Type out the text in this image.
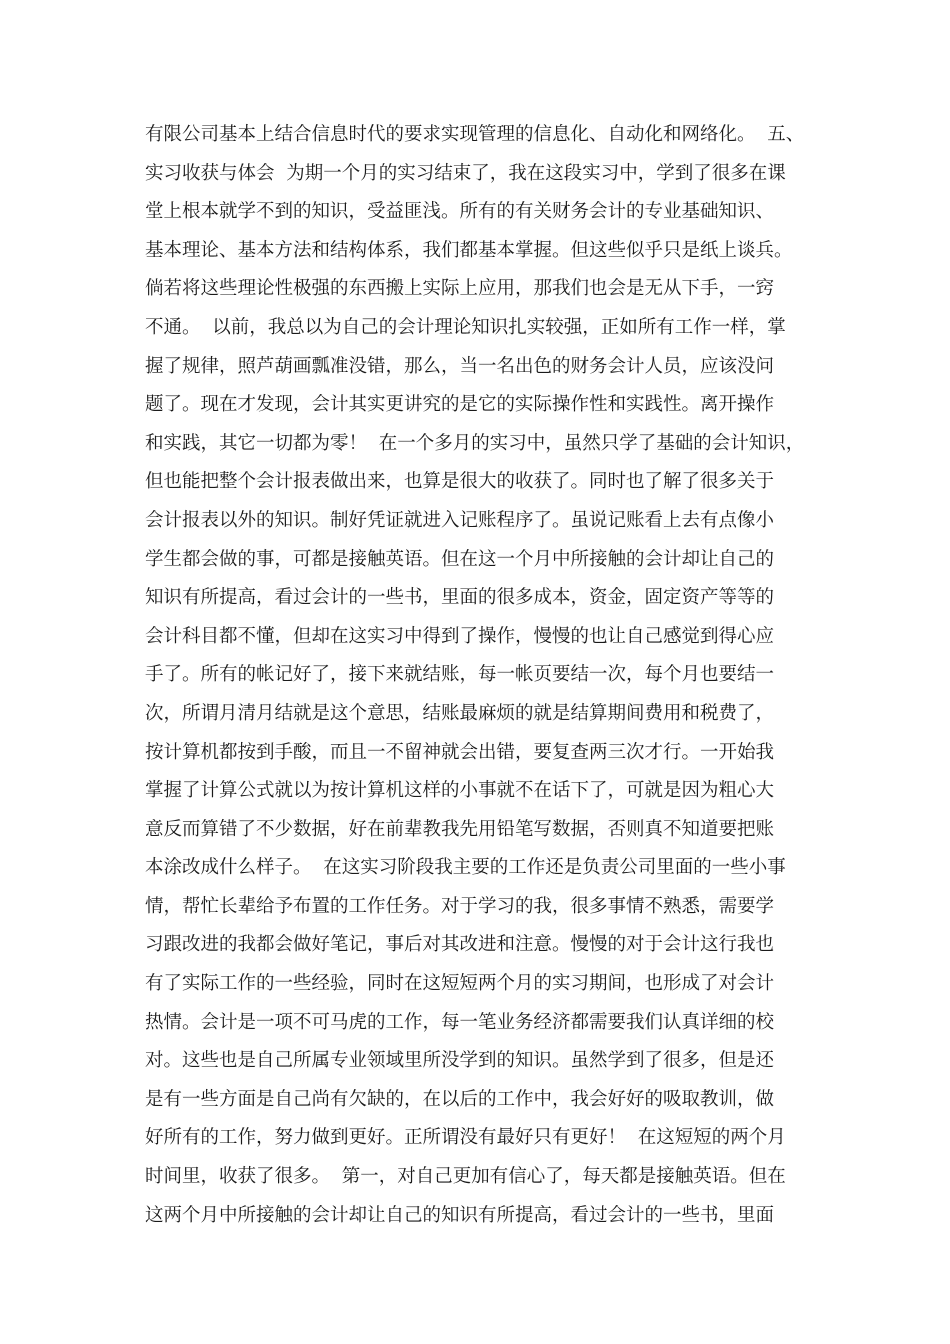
有限公司基本上结合信息时代的要求实现管理的信息化、自动化和网络化。  五、
实习收获与体会  为期一个月的实习结束了，我在这段实习中，学到了很多在课
堂上根本就学不到的知识，受益匪浅。所有的有关财务会计的专业基础知识、
基本理论、基本方法和结构体系，我们都基本掌握。但这些似乎只是纸上谈兵。
倘若将这些理论性极强的东西搬上实际上应用，那我们也会是无从下手，一窍
不通。  以前，我总以为自己的会计理论知识扎实较强，正如所有工作一样，掌
握了规律，照芦葫画瓢准没错，那么，当一名出色的财务会计人员，应该没问
题了。现在才发现，会计其实更讲究的是它的实际操作性和实践性。离开操作
和实践，其它一切都为零！  在一个多月的实习中，虽然只学了基础的会计知识，
但也能把整个会计报表做出来，也算是很大的收获了。同时也了解了很多关于
会计报表以外的知识。制好凭证就进入记账程序了。虽说记账看上去有点像小
学生都会做的事，可都是接触英语。但在这一个月中所接触的会计却让自己的
知识有所提高，看过会计的一些书，里面的很多成本，资金，固定资产等等的
会计科目都不懂，但却在这实习中得到了操作，慢慢的也让自己感觉到得心应
手了。所有的帐记好了，接下来就结账，每一帐页要结一次，每个月也要结一
次，所谓月清月结就是这个意思，结账最麻烦的就是结算期间费用和税费了，
按计算机都按到手酸，而且一不留神就会出错，要复查两三次才行。一开始我
掌握了计算公式就以为按计算机这样的小事就不在话下了，可就是因为粗心大
意反而算错了不少数据，好在前辈教我先用铅笔写数据，否则真不知道要把账
本涂改成什么样子。  在这实习阶段我主要的工作还是负责公司里面的一些小事
情，帮忙长辈给予布置的工作任务。对于学习的我，很多事情不熟悉，需要学
习跟改进的我都会做好笔记，事后对其改进和注意。慢慢的对于会计这行我也
有了实际工作的一些经验，同时在这短短两个月的实习期间，也形成了对会计
热情。会计是一项不可马虎的工作，每一笔业务经济都需要我们认真详细的校
对。这些也是自己所属专业领域里所没学到的知识。虽然学到了很多，但是还
是有一些方面是自己尚有欠缺的，在以后的工作中，我会好好的吸取教训，做
好所有的工作，努力做到更好。正所谓没有最好只有更好！  在这短短的两个月
时间里，收获了很多。  第一，对自己更加有信心了，每天都是接触英语。但在
这两个月中所接触的会计却让自己的知识有所提高，看过会计的一些书，里面
